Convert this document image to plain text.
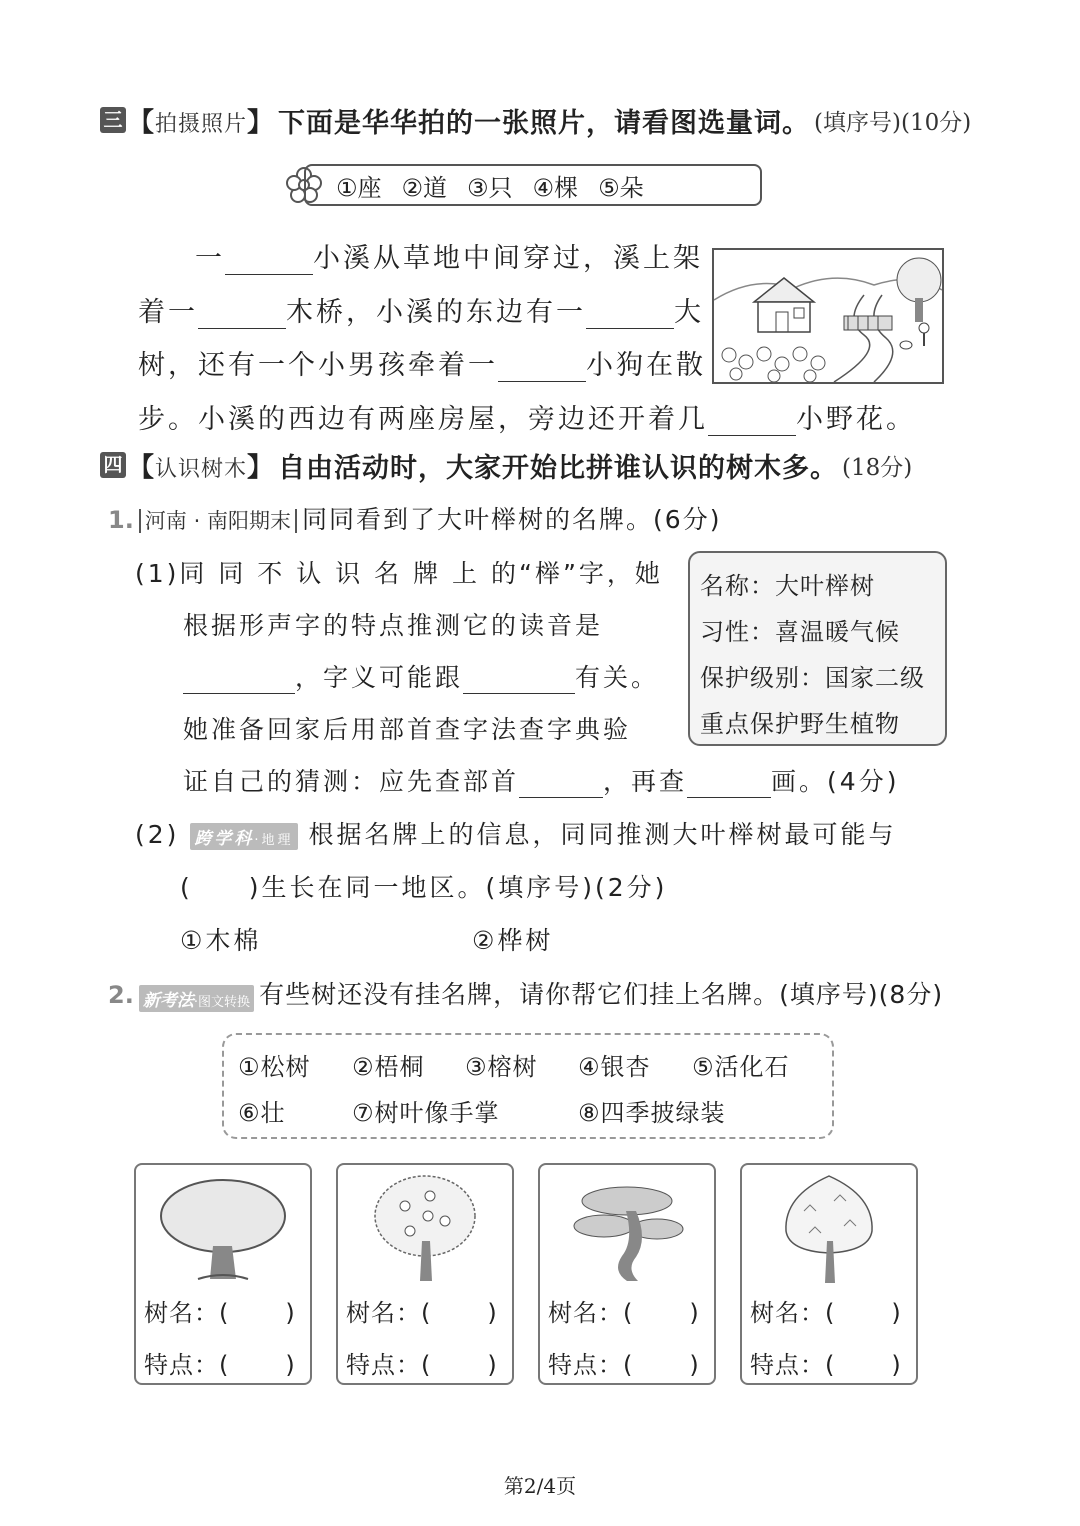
三 【拍摄照片】 下面是华华拍的一张照片，请看图选量词。 (填序号)(10分)
①座 ②道 ③只 ④棵 ⑤朵
一	小溪从草地中间穿过，溪上架
着一	木桥，小溪的东边有一	大
树，还有一个小男孩牵着一	小狗在散
步。小溪的西边有两座房屋，旁边还开着几	小野花。
四 【认识树木】 自由活动时，大家开始比拼谁认识的树木多。 (18分)
1. 河南 · 南阳期末 同同看到了大叶榉树的名牌。(6分)
(1)同 同 不 认 识 名 牌 上 的“榉”字，她
根据形声字的特点推测它的读音是
，字义可能跟	有关。
她准备回家后用部首查字法查字典验
证自己的猜测：应先查部首	，再查	画。(4分)
名称：大叶榉树
习性：喜温暖气候
保护级别：国家二级
重点保护野生植物
(2) 跨学科·地理 根据名牌上的信息，同同推测大叶榉树最可能与
(　　)生长在同一地区。(填序号)(2分)
①木棉	②桦树
2. 新考法·图文转换 有些树还没有挂名牌，请你帮它们挂上名牌。(填序号)(8分)
①松树 ②梧桐 ③榕树 ④银杏 ⑤活化石
⑥壮	⑦树叶像手掌	⑧四季披绿装
树名：( )
特点：( )
树名：( )
特点：( )
树名：( )
特点：( )
树名：( )
特点：( )
第2/4页
